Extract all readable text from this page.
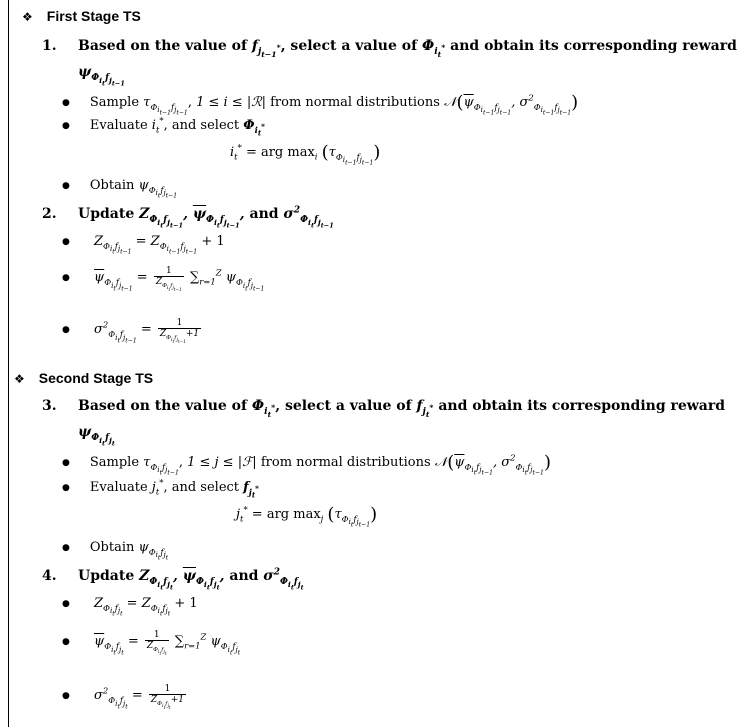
❖ First Stage TS
1. Based on the value of $f_{j_{t-1}^*}$, select a value of $\Phi_{i_t^*}$ and obtain its corresponding reward
$\psi_{\Phi_{i_t}f_{j_{t-1}}}$
● Sample $\tau_{\Phi_{i_{t-1}}f_{j_{t-1}}}$, 1 ≤ i ≤ |ℛ| from normal distributions $𝒩(\overline{\psi}_{\Phi_{i_{t-1}}f_{j_{t-1}}}$, $\sigma^2_{\Phi_{i_{t-1}}f_{j_{t-1}}}$)
● Evaluate $i_t^*$, and select $\Phi_{i_t^*}$
$i_t^*$ = arg $\max_i (\tau_{\Phi_{i_{t-1}}f_{j_{t-1}}})$
● Obtain $\psi_{\Phi_{i_t}f_{j_{t-1}}}$
2. Update $Z_{\Phi_{i_t}f_{j_{t-1}}}$, $\overline{\psi}_{\Phi_{i_t}f_{j_{t-1}}}$, and $\sigma^2_{\Phi_{i_t}f_{j_{t-1}}}$
● $Z_{\Phi_{i_t}f_{j_{t-1}}} = Z_{\Phi_{i_{t-1}}f_{j_{t-1}}} + 1$
● $\overline{\psi}_{\Phi_{i_t}f_{j_{t-1}}} = \frac{1}{Z_{\Phi_{i_t}f_{j_{t-1}}}} \sum_{r=1}^Z$ $\psi_{\Phi_{i_t}f_{j_{t-1}}}$
● $\sigma^2_{\Phi_{i_t}f_{j_{t-1}}} = \frac{1}{Z_{\Phi_{i_t}f_{j_{t-1}}}+1}$
❖ Second Stage TS
3. Based on the value of $\Phi_{i_t^*}$, select a value of $f_{j_t^*}$ and obtain its corresponding reward
$\psi_{\Phi_{i_t}f_{j_t}}$
● Sample $\tau_{\Phi_{i_t}f_{j_{t-1}}}$, 1 ≤ j ≤ |ℱ| from normal distributions $𝒩(\overline{\psi}_{\Phi_{i_t}f_{j_{t-1}}}$, $\sigma^2_{\Phi_{i_t}f_{j_{t-1}}}$)
● Evaluate $j_t^*$, and select $f_{j_t^*}$
$j_t^*$ = arg $\max_j (\tau_{\Phi_{i_t}f_{j_{t-1}}})$
● Obtain $\psi_{\Phi_{i_t}f_{j_t}}$
4. Update $Z_{\Phi_{i_t}f_{j_t}}$, $\overline{\psi}_{\Phi_{i_t}f_{j_t}}$, and $\sigma^2_{\Phi_{i_t}f_{j_t}}$
● $Z_{\Phi_{i_t}f_{j_t}} = Z_{\Phi_{i_t}f_{j_t}} + 1$
● $\overline{\psi}_{\Phi_{i_t}f_{j_t}} = \frac{1}{Z_{\Phi_{i_t}f_{j_t}}} \sum_{r=1}^Z$ $\psi_{\Phi_{i_t}f_{j_t}}$
● $\sigma^2_{\Phi_{i_t}f_{j_t}} = \frac{1}{Z_{\Phi_{i_t}f_{j_t}}+1}$
